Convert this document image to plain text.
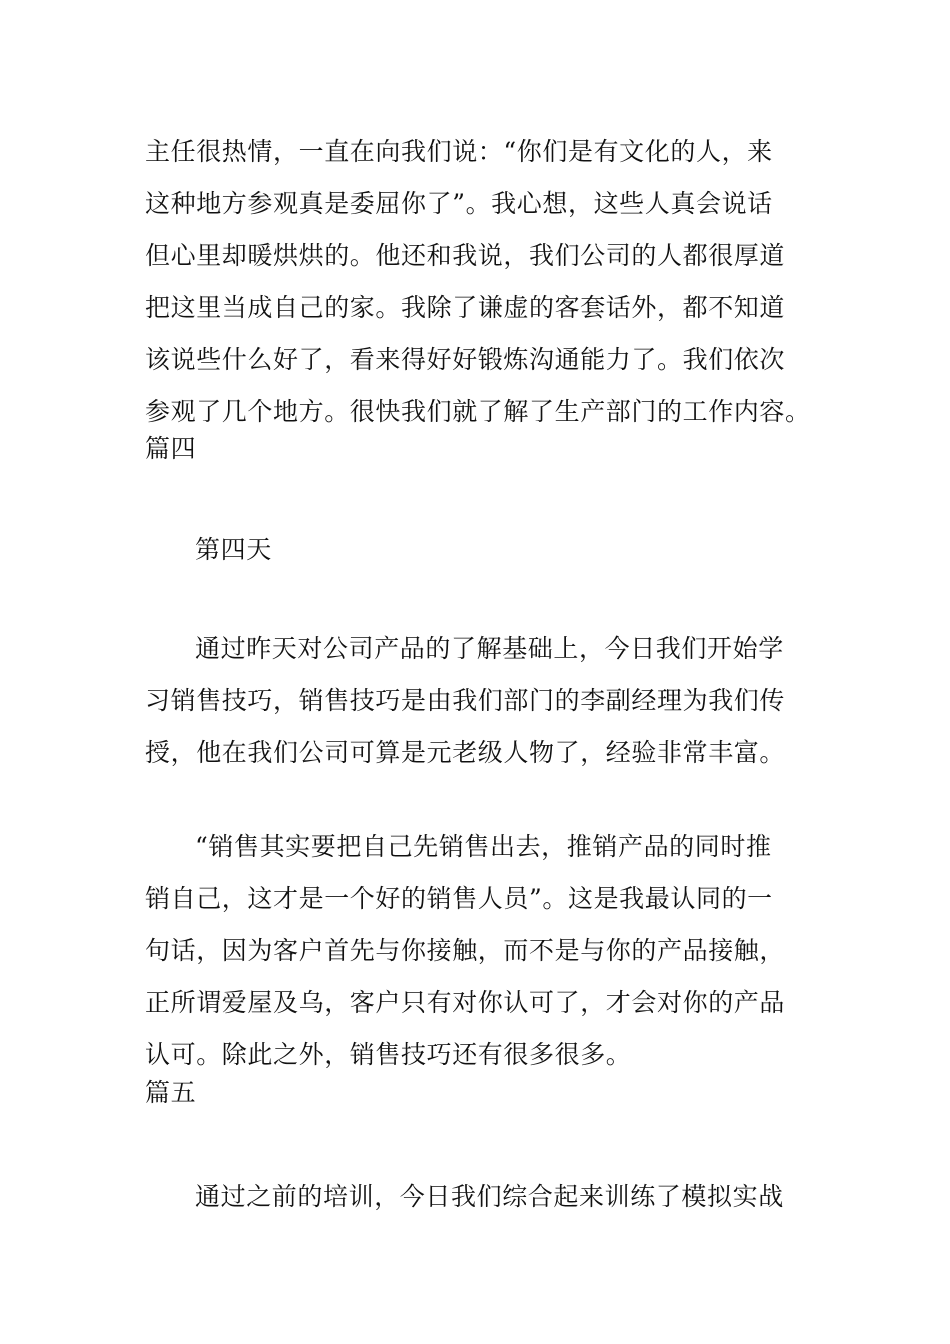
主任很热情，一直在向我们说：“你们是有文化的人，来
这种地方参观真是委屈你了”。我心想，这些人真会说话
但心里却暖烘烘的。他还和我说，我们公司的人都很厚道
把这里当成自己的家。我除了谦虚的客套话外，都不知道
该说些什么好了，看来得好好锻炼沟通能力了。我们依次
参观了几个地方。很快我们就了解了生产部门的工作内容。
篇四
第四天
通过昨天对公司产品的了解基础上，今日我们开始学
习销售技巧，销售技巧是由我们部门的李副经理为我们传
授，他在我们公司可算是元老级人物了，经验非常丰富。
“销售其实要把自己先销售出去，推销产品的同时推
销自己，这才是一个好的销售人员”。这是我最认同的一
句话，因为客户首先与你接触，而不是与你的产品接触，
正所谓爱屋及乌，客户只有对你认可了，才会对你的产品
认可。除此之外，销售技巧还有很多很多。
篇五
通过之前的培训，今日我们综合起来训练了模拟实战
